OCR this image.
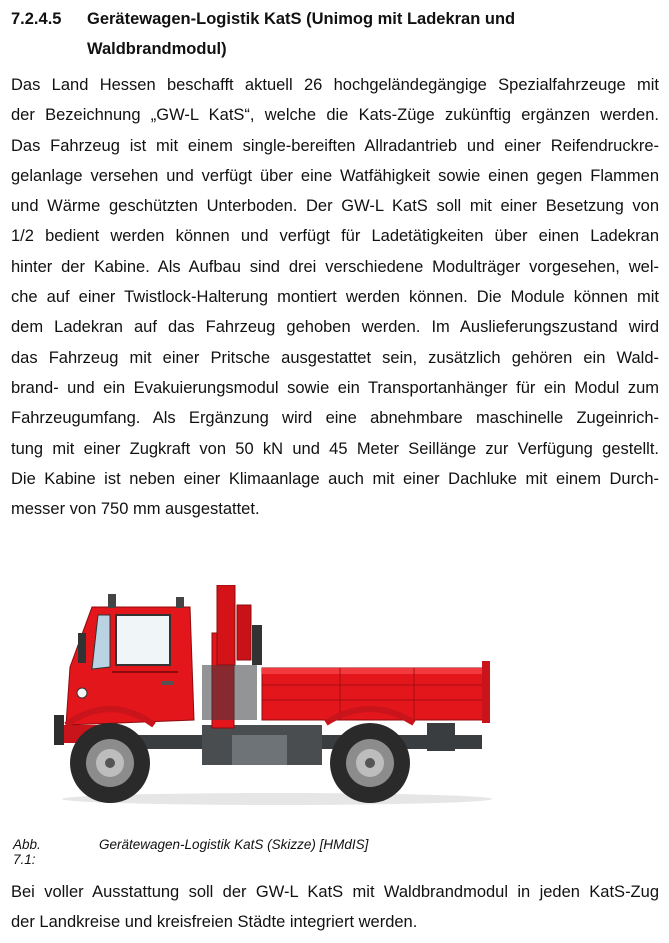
7.2.4.5 Gerätewagen-Logistik KatS (Unimog mit Ladekran und
Waldbrandmodul)
Das Land Hessen beschafft aktuell 26 hochgeländegängige Spezialfahrzeuge mit
der Bezeichnung „GW-L KatS“, welche die Kats-Züge zukünftig ergänzen werden.
Das Fahrzeug ist mit einem single-bereiften Allradantrieb und einer Reifendruckre-
gelanlage versehen und verfügt über eine Watfähigkeit sowie einen gegen Flammen
und Wärme geschützten Unterboden. Der GW-L KatS soll mit einer Besetzung von
1/2 bedient werden können und verfügt für Ladetätigkeiten über einen Ladekran
hinter der Kabine. Als Aufbau sind drei verschiedene Modulträger vorgesehen, wel-
che auf einer Twistlock-Halterung montiert werden können. Die Module können mit
dem Ladekran auf das Fahrzeug gehoben werden. Im Auslieferungszustand wird
das Fahrzeug mit einer Pritsche ausgestattet sein, zusätzlich gehören ein Wald-
brand- und ein Evakuierungsmodul sowie ein Transportanhänger für ein Modul zum
Fahrzeugumfang. Als Ergänzung wird eine abnehmbare maschinelle Zugeinrich-
tung mit einer Zugkraft von 50 kN und 45 Meter Seillänge zur Verfügung gestellt.
Die Kabine ist neben einer Klimaanlage auch mit einer Dachluke mit einem Durch-
messer von 750 mm ausgestattet.
Abb. 7.1:
Gerätewagen-Logistik KatS (Skizze) [HMdIS]
Bei voller Ausstattung soll der GW-L KatS mit Waldbrandmodul in jeden KatS-Zug
der Landkreise und kreisfreien Städte integriert werden.
